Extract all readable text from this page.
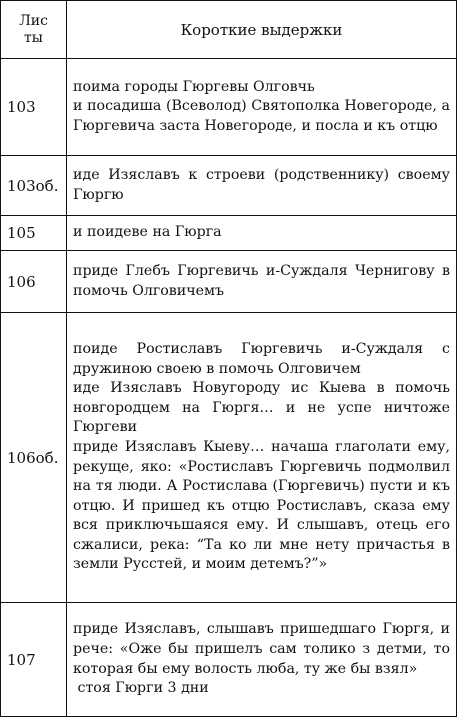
Лис
ты	Короткие выдержки
103	поима городы Гюргевы Олговчь
и посадиша (Всеволод) Святополка Новегороде, а Гюргевича заста Новегороде, и посла и къ отцю

103об.	иде Изяславъ к строеви (родственнику) своему Гюргю

105	и поидеве на Гюрга

106	приде Глебъ Гюргевичь и-Суждаля Чернигову в помочь Олговичемъ

106об.	поиде Ростиславъ Гюргевичь и-Суждаля с дружиною своею в помочь Олговичем
иде Изяславъ Новугороду ис Кыева в помочь новгородцем на Гюргя… и не успе ничтоже Гюргеви
приде Изяславъ Кыеву… начаша глаголати ему, рекуще, яко: «Ростиславъ Гюргевичь подмолвил на тя люди. А Ростислава (Гюргевичь) пусти и къ отцю. И пришед къ отцю Ростиславъ, сказа ему вся приключьшаяся ему. И слышавъ, отець его сжалиси, река: “Та ко ли мне нету причастья в земли Русстей, и моим детемъ?”»

107	приде Изяславъ, слышавъ пришедшаго Гюргя, и рече: «Оже бы пришелъ сам толико з детми, то которая бы ему волость люба, ту же бы взял»
стоя Гюрги 3 дни
